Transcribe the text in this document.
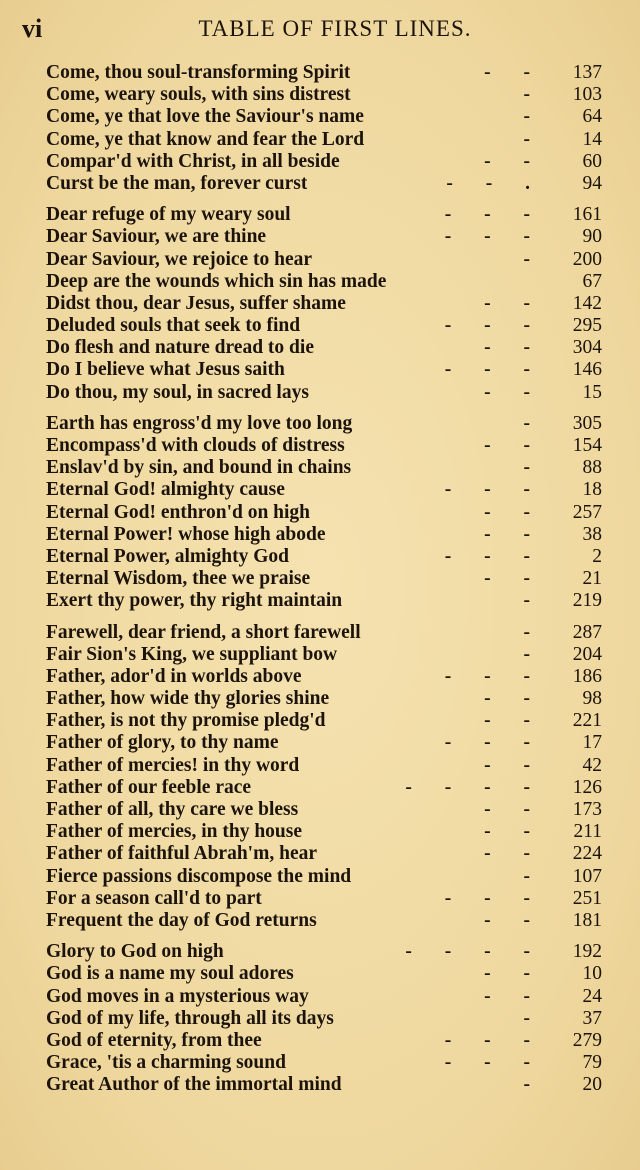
vi	TABLE OF FIRST LINES.
Come, thou soul-transforming Spirit	- -	137
Come, weary souls, with sins distrest	-	103
Come, ye that love the Saviour's name	-	64
Come, ye that know and fear the Lord	-	14
Compar'd with Christ, in all beside	- -	60
Curst be the man, forever curst	- - .	94
Dear refuge of my weary soul	- - -	161
Dear Saviour, we are thine	- - -	90
Dear Saviour, we rejoice to hear	-	200
Deep are the wounds which sin has made	67
Didst thou, dear Jesus, suffer shame	- -	142
Deluded souls that seek to find	- - -	295
Do flesh and nature dread to die	- -	304
Do I believe what Jesus saith	- - -	146
Do thou, my soul, in sacred lays	- -	15
Earth has engross'd my love too long	-	305
Encompass'd with clouds of distress	- -	154
Enslav'd by sin, and bound in chains	-	88
Eternal God! almighty cause	- - -	18
Eternal God! enthron'd on high	- -	257
Eternal Power! whose high abode	- -	38
Eternal Power, almighty God	- - -	2
Eternal Wisdom, thee we praise	- -	21
Exert thy power, thy right maintain	-	219
Farewell, dear friend, a short farewell	-	287
Fair Sion's King, we suppliant bow	-	204
Father, ador'd in worlds above	- - -	186
Father, how wide thy glories shine	- -	98
Father, is not thy promise pledg'd	- -	221
Father of glory, to thy name	- - -	17
Father of mercies! in thy word	- -	42
Father of our feeble race	- - - -	126
Father of all, thy care we bless	- -	173
Father of mercies, in thy house	- -	211
Father of faithful Abrah'm, hear	- -	224
Fierce passions discompose the mind	-	107
For a season call'd to part	- - -	251
Frequent the day of God returns	- -	181
Glory to God on high	- - - -	192
God is a name my soul adores	- -	10
God moves in a mysterious way	- -	24
God of my life, through all its days	-	37
God of eternity, from thee	- - -	279
Grace, 'tis a charming sound	- - -	79
Great Author of the immortal mind	-	20
